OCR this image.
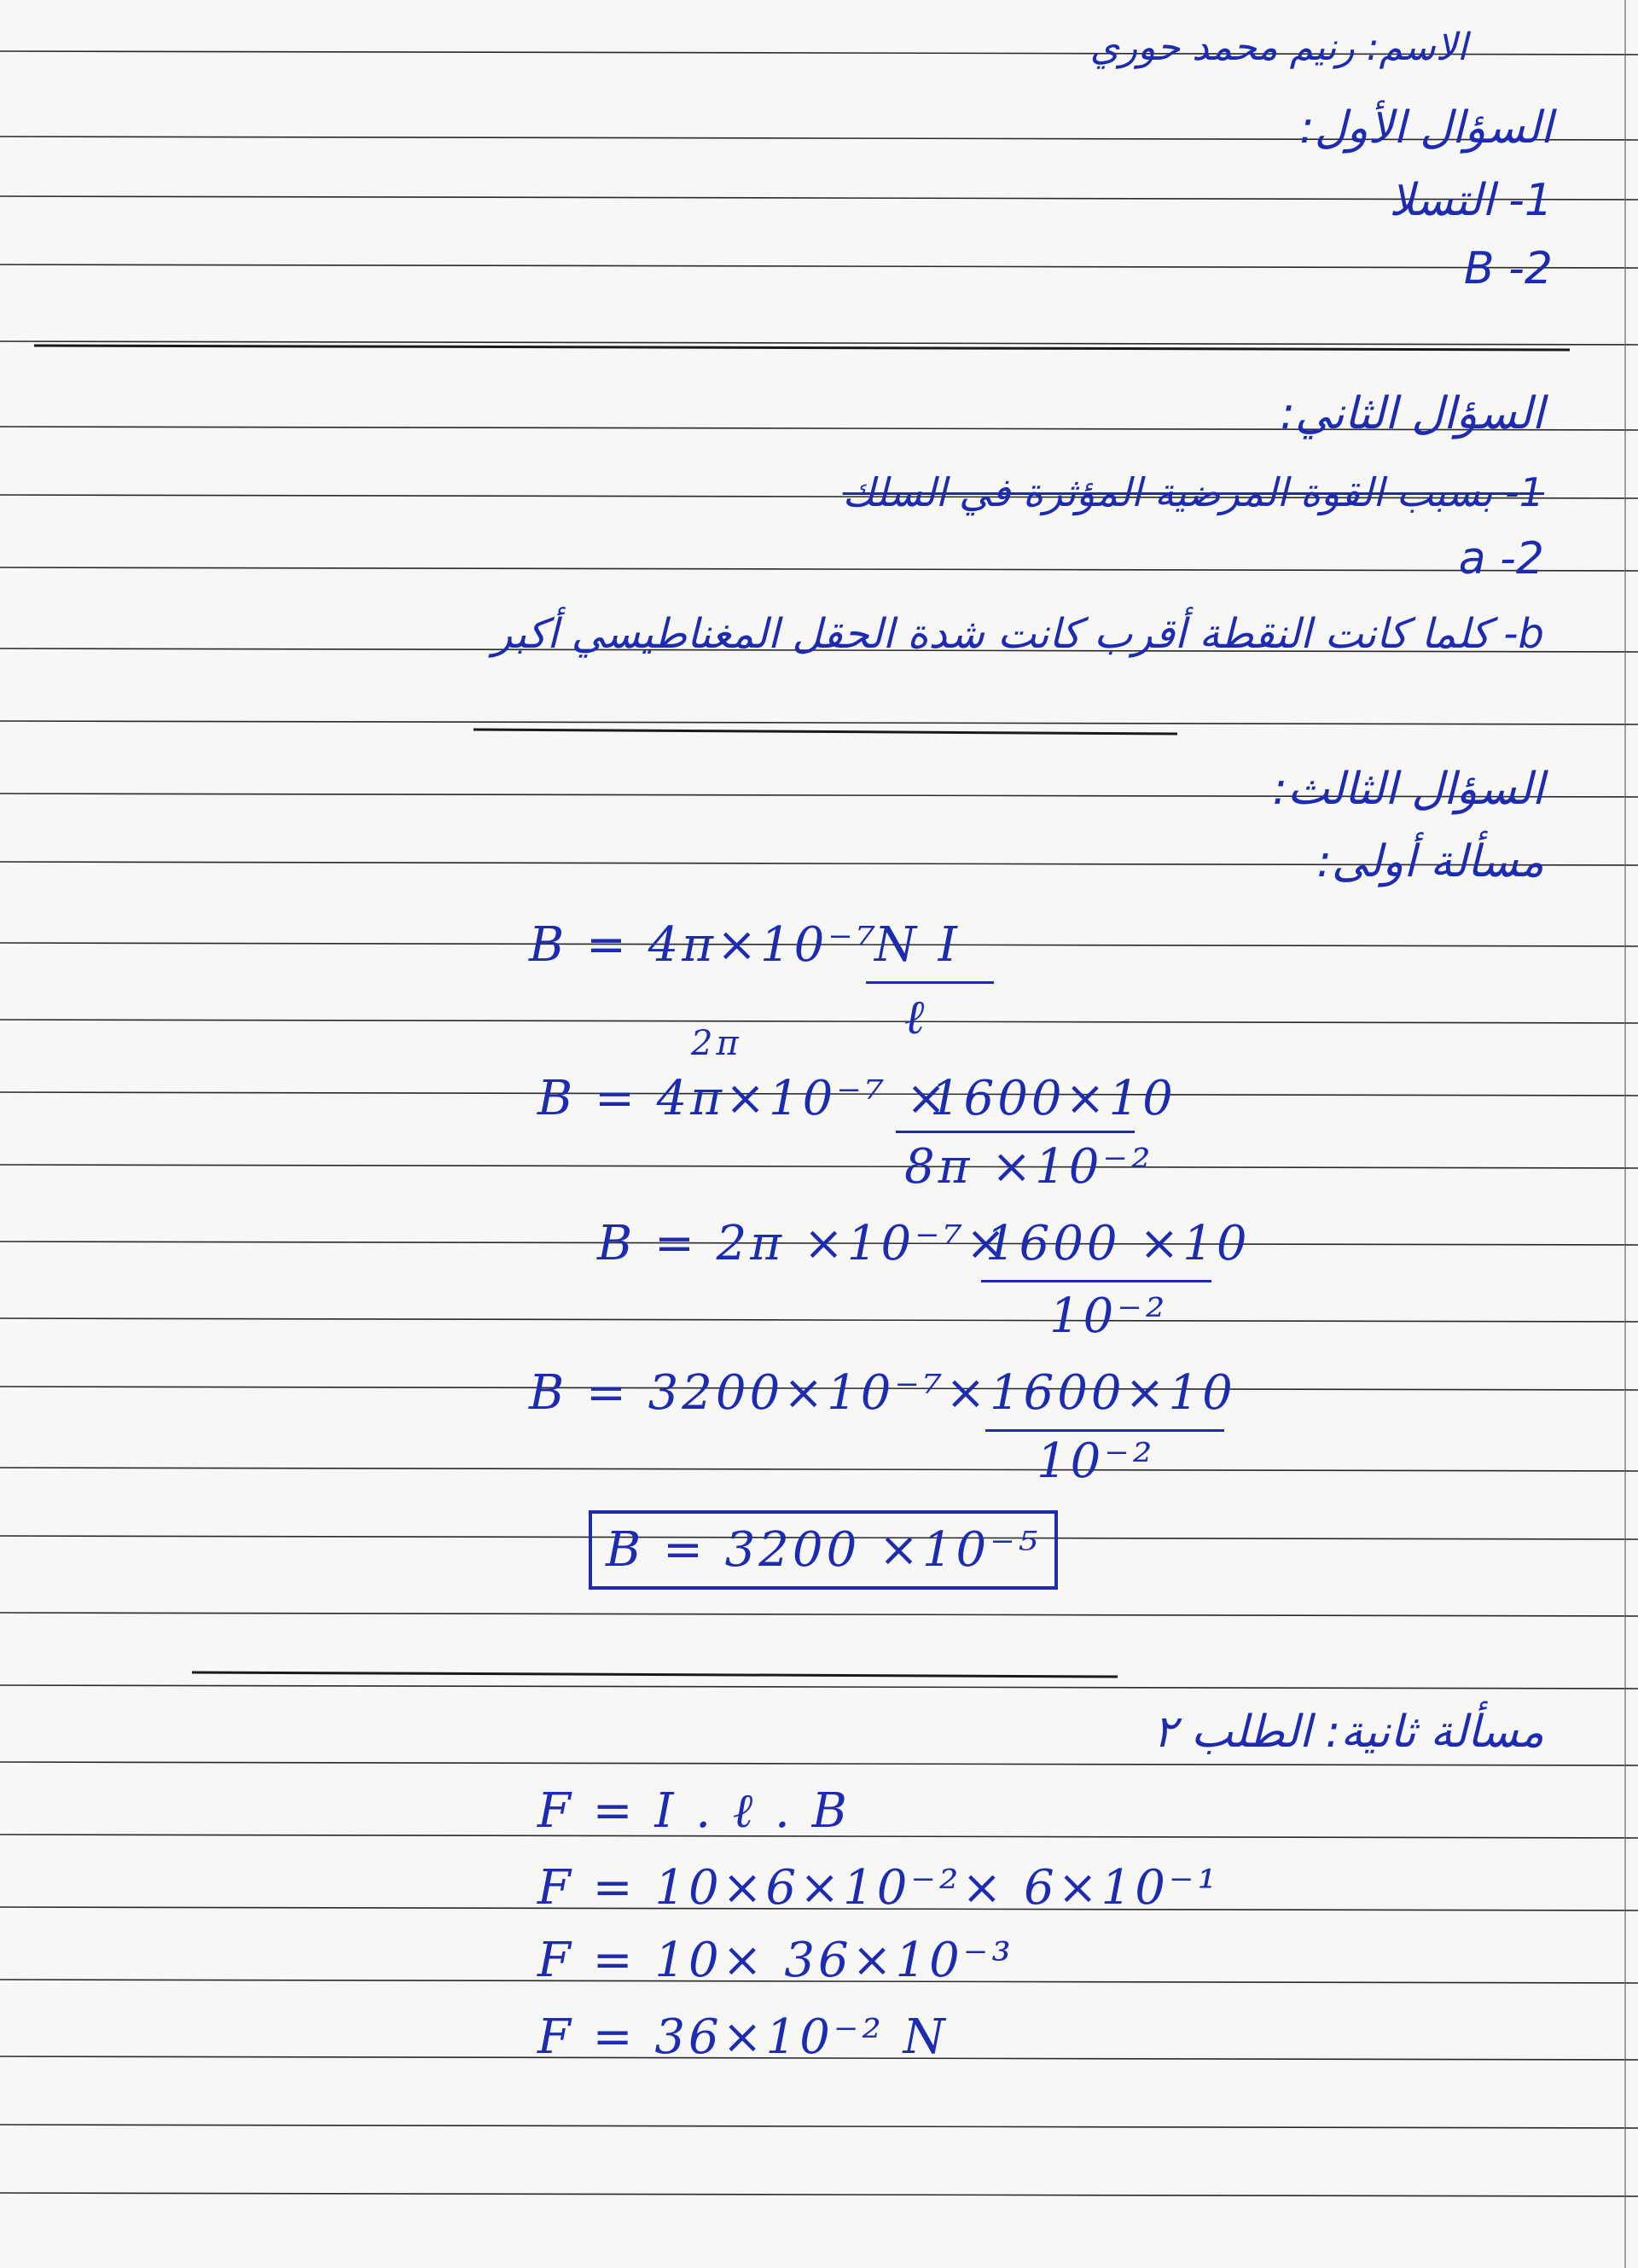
الاسم: رنيم محمد حوري
السؤال الأول:
1- التسلا
2- B
السؤال الثاني:
1- بسبب القوة المرضية المؤثرة في السلك
2- a
b- كلما كانت النقطة أقرب كانت شدة الحقل المغناطيسي أكبر
السؤال الثالث:
مسألة أولى:
B = 4π×10⁻⁷
N I
ℓ
2π
B = 4π×10⁻⁷ ×
1600×10
8π ×10⁻²
B = 2π ×10⁻⁷×
1600 ×10
10⁻²
B = 3200×10⁻⁷× 1600×10
10⁻²
B = 3200 ×10⁻⁵
مسألة ثانية: الطلب ٢
F = I . ℓ . B
F = 10×6×10⁻²× 6×10⁻¹
F = 10× 36×10⁻³
F = 36×10⁻² N
